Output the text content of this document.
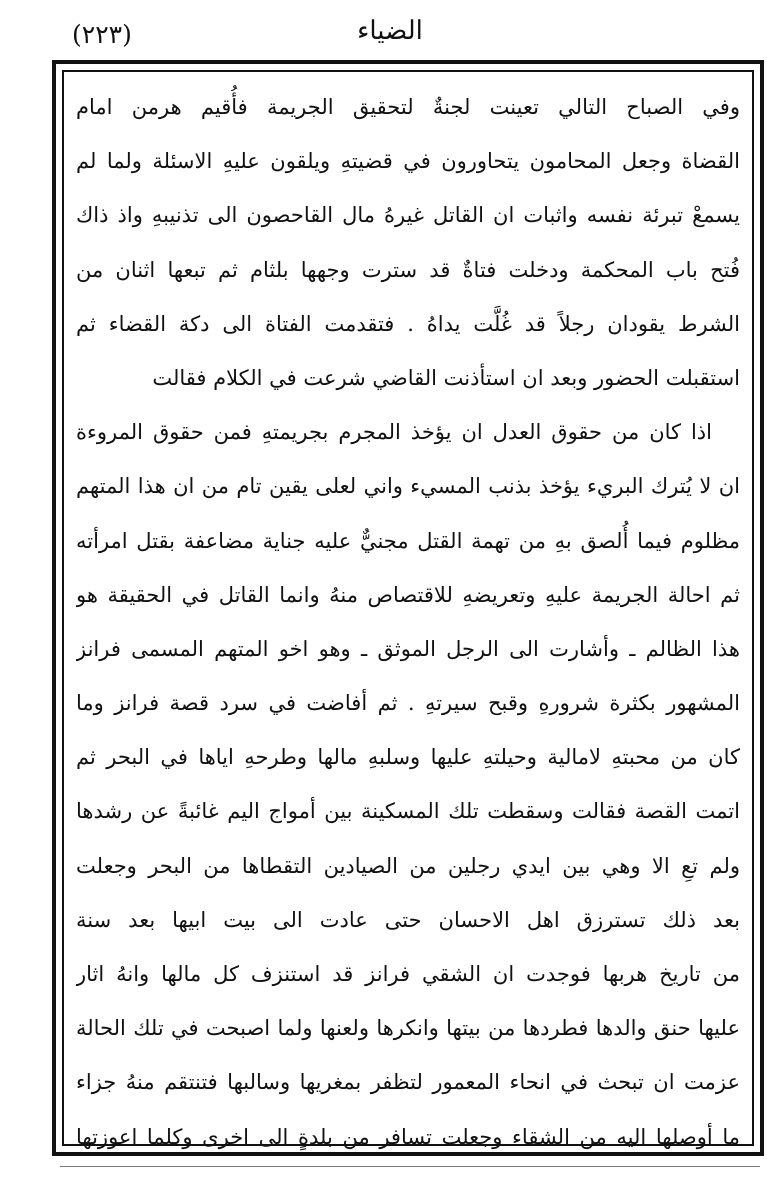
(٢٢٣)	الضياء
وفي الصباح التالي تعينت لجنةٌ لتحقيق الجريمة فأُقيم هرمن امام
القضاة وجعل المحامون يتحاورون في قضيتهِ ويلقون عليهِ الاسئلة ولما لم
يسمعْ تبرئة نفسه واثبات ان القاتل غيرهُ مال القاحصون الى تذنيبهِ واذ ذاك
فُتح باب المحكمة ودخلت فتاةٌ قد سترت وجهها بلثام ثم تبعها اثنان من
الشرط يقودان رجلاً قد غُلَّت يداهُ . فتقدمت الفتاة الى دكة القضاء ثم
استقبلت الحضور وبعد ان استأذنت القاضي شرعت في الكلام فقالت
اذا كان من حقوق العدل ان يؤخذ المجرم بجريمتهِ فمن حقوق المروءة
ان لا يُترك البريء يؤخذ بذنب المسيء واني لعلى يقين تام من ان هذا المتهم
مظلوم فيما أُلصق بهِ من تهمة القتل مجنيٌّ عليه جناية مضاعفة بقتل امرأته
ثم احالة الجريمة عليهِ وتعريضهِ للاقتصاص منهُ وانما القاتل في الحقيقة هو
هذا الظالم ـ وأشارت الى الرجل الموثق ـ وهو اخو المتهم المسمى فرانز
المشهور بكثرة شرورهِ وقبح سيرتهِ . ثم أفاضت في سرد قصة فرانز وما
كان من محبتهِ لامالية وحيلتهِ عليها وسلبهِ مالها وطرحهِ اياها في البحر ثم
اتمت القصة فقالت وسقطت تلك المسكينة بين أمواج اليم غائبةً عن رشدها
ولم تعِ الا وهي بين ايدي رجلين من الصيادين التقطاها من البحر وجعلت
بعد ذلك تسترزق اهل الاحسان حتى عادت الى بيت ابيها بعد سنة
من تاريخ هربها فوجدت ان الشقي فرانز قد استنزف كل مالها وانهُ اثار
عليها حنق والدها فطردها من بيتها وانكرها ولعنها ولما اصبحت في تلك الحالة
عزمت ان تبحث في انحاء المعمور لتظفر بمغريها وسالبها فتنتقم منهُ جزاء
ما أوصلها اليه من الشقاء وجعلت تسافر من بلدةٍ الى اخرى وكلما اعوزتها
